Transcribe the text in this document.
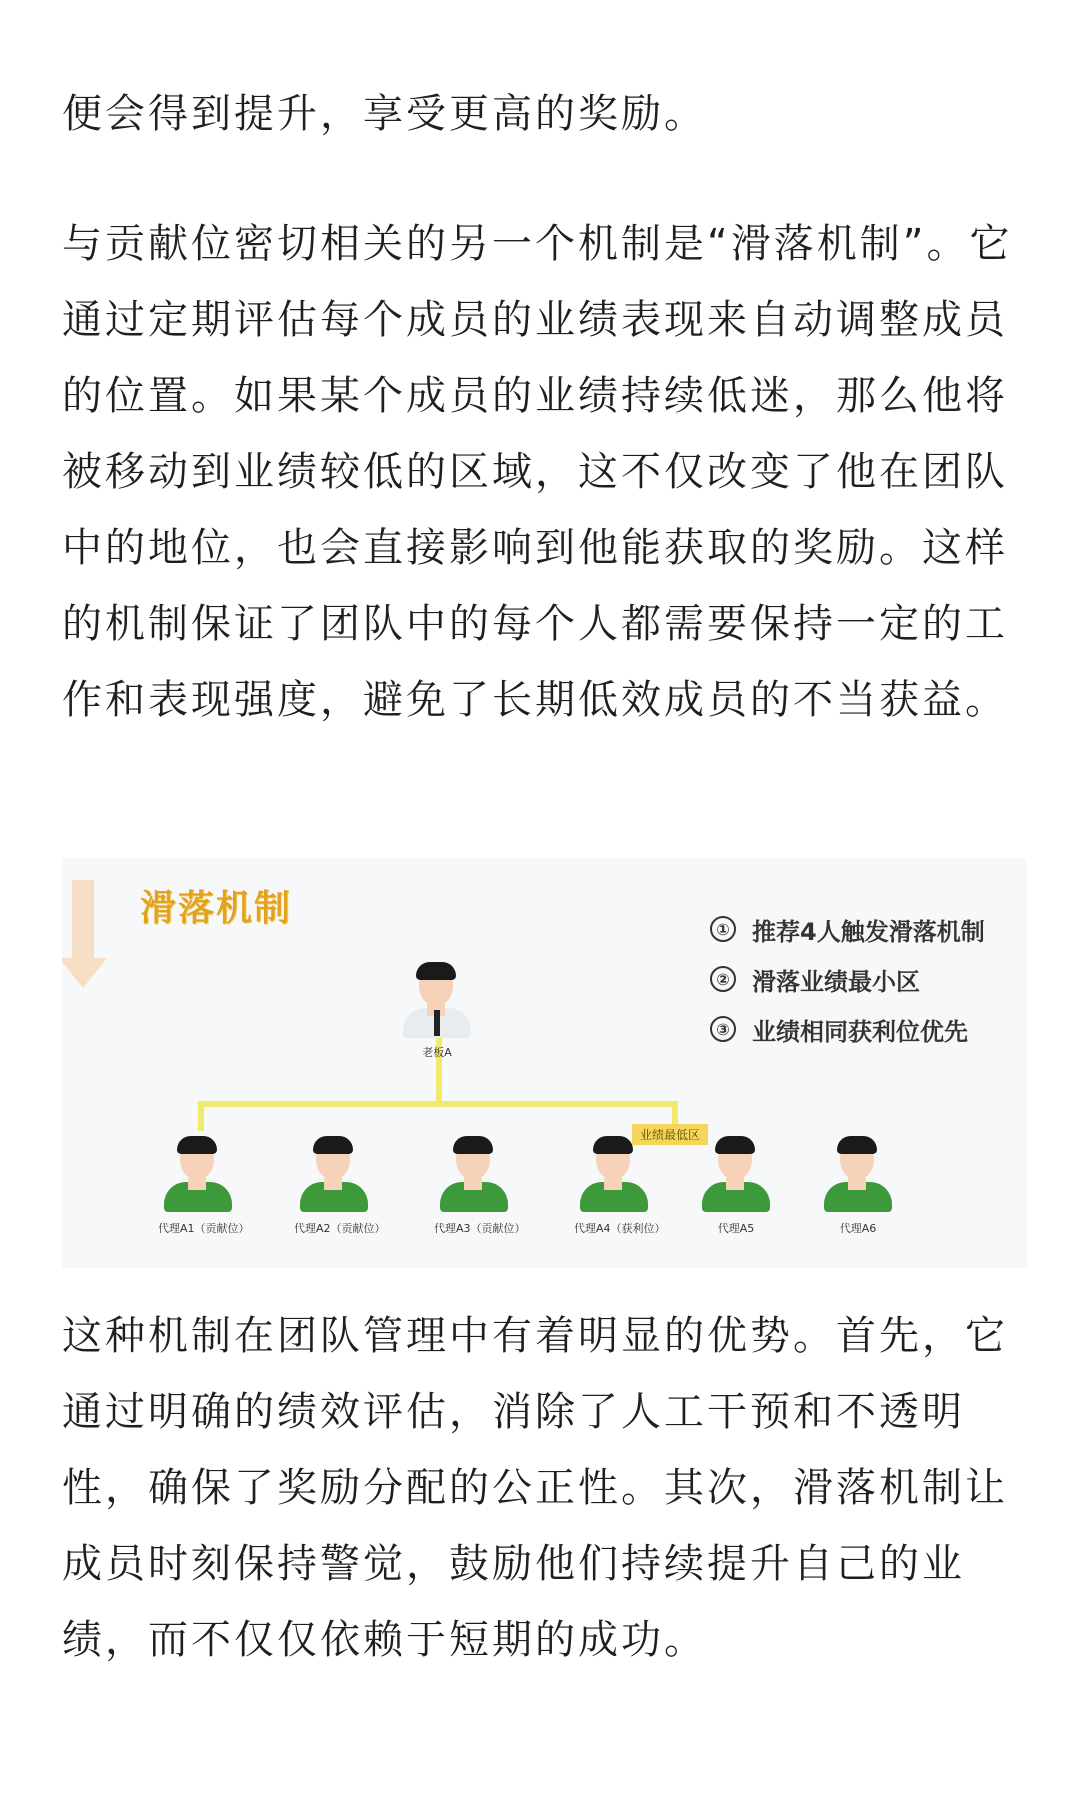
便会得到提升，享受更高的奖励。

与贡献位密切相关的另一个机制是“滑落机制”。它通过定期评估每个成员的业绩表现来自动调整成员的位置。如果某个成员的业绩持续低迷，那么他将被移动到业绩较低的区域，这不仅改变了他在团队中的地位，也会直接影响到他能获取的奖励。这样的机制保证了团队中的每个人都需要保持一定的工作和表现强度，避免了长期低效成员的不当获益。

滑落机制	① 推荐4人触发滑落机制
② 滑落业绩最小区
③ 业绩相同获利位优先
业绩最低区
老板A
代理A1（贡献位）	代理A2（贡献位）	代理A3（贡献位）	代理A4（获利位）	代理A5	代理A6

这种机制在团队管理中有着明显的优势。首先，它通过明确的绩效评估，消除了人工干预和不透明性，确保了奖励分配的公正性。其次，滑落机制让成员时刻保持警觉，鼓励他们持续提升自己的业绩，而不仅仅依赖于短期的成功。
